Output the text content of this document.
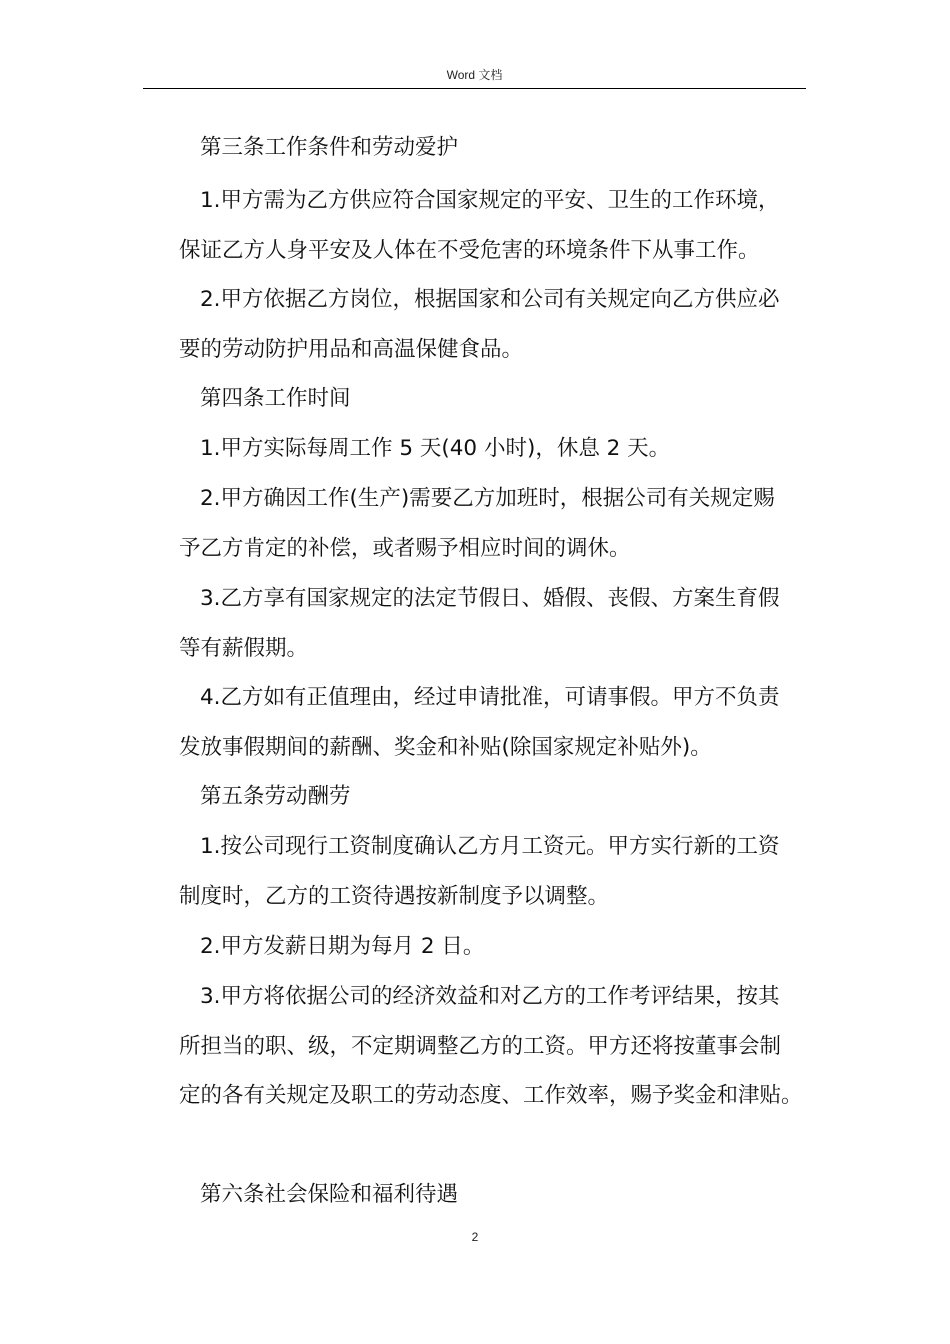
Word 文档
第三条工作条件和劳动爱护
1.甲方需为乙方供应符合国家规定的平安、卫生的工作环境，
保证乙方人身平安及人体在不受危害的环境条件下从事工作。
2.甲方依据乙方岗位，根据国家和公司有关规定向乙方供应必
要的劳动防护用品和高温保健食品。
第四条工作时间
1.甲方实际每周工作 5 天(40 小时)，休息 2 天。
2.甲方确因工作(生产)需要乙方加班时，根据公司有关规定赐
予乙方肯定的补偿，或者赐予相应时间的调休。
3.乙方享有国家规定的法定节假日、婚假、丧假、方案生育假
等有薪假期。
4.乙方如有正值理由，经过申请批准，可请事假。甲方不负责
发放事假期间的薪酬、奖金和补贴(除国家规定补贴外)。
第五条劳动酬劳
1.按公司现行工资制度确认乙方月工资元。甲方实行新的工资
制度时，乙方的工资待遇按新制度予以调整。
2.甲方发薪日期为每月 2 日。
3.甲方将依据公司的经济效益和对乙方的工作考评结果，按其
所担当的职、级，不定期调整乙方的工资。甲方还将按董事会制
定的各有关规定及职工的劳动态度、工作效率，赐予奖金和津贴。
第六条社会保险和福利待遇
2
